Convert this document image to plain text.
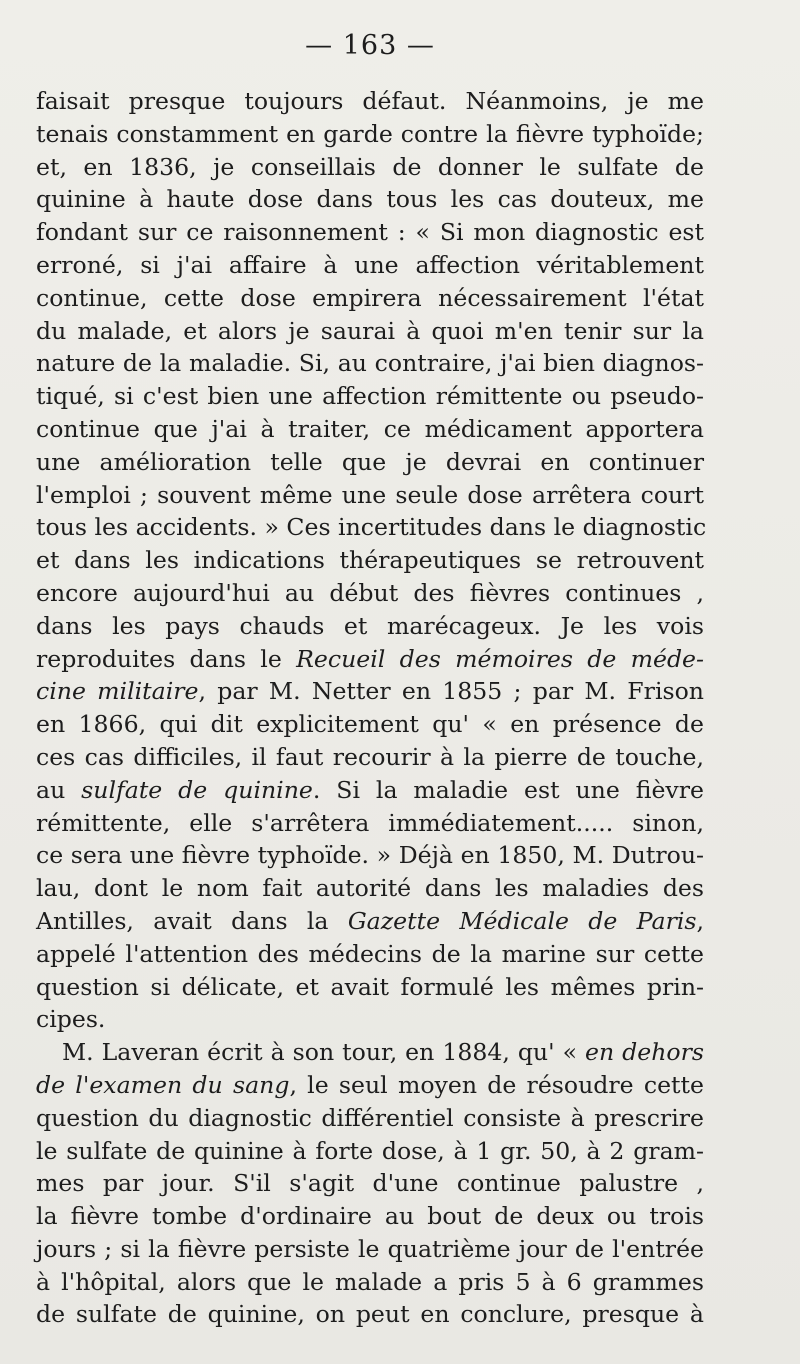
— 163 —
faisait presque toujours défaut. Néanmoins, je me
tenais constamment en garde contre la fièvre typhoïde;
et, en 1836, je conseillais de donner le sulfate de
quinine à haute dose dans tous les cas douteux, me
fondant sur ce raisonnement : « Si mon diagnostic est
erroné, si j'ai affaire à une affection véritablement
continue, cette dose empirera nécessairement l'état
du malade, et alors je saurai à quoi m'en tenir sur la
nature de la maladie. Si, au contraire, j'ai bien diagnos-
tiqué, si c'est bien une affection rémittente ou pseudo-
continue que j'ai à traiter, ce médicament apportera
une amélioration telle que je devrai en continuer
l'emploi ; souvent même une seule dose arrêtera court
tous les accidents. » Ces incertitudes dans le diagnostic
et dans les indications thérapeutiques se retrouvent
encore aujourd'hui au début des fièvres continues ,
dans les pays chauds et marécageux. Je les vois
reproduites dans le Recueil des mémoires de méde-
cine militaire, par M. Netter en 1855 ; par M. Frison
en 1866, qui dit explicitement qu' « en présence de
ces cas difficiles, il faut recourir à la pierre de touche,
au sulfate de quinine. Si la maladie est une fièvre
rémittente, elle s'arrêtera immédiatement..... sinon,
ce sera une fièvre typhoïde. » Déjà en 1850, M. Dutrou-
lau, dont le nom fait autorité dans les maladies des
Antilles, avait dans la Gazette Médicale de Paris,
appelé l'attention des médecins de la marine sur cette
question si délicate, et avait formulé les mêmes prin-
cipes.
M. Laveran écrit à son tour, en 1884, qu' « en dehors
de l'examen du sang, le seul moyen de résoudre cette
question du diagnostic différentiel consiste à prescrire
le sulfate de quinine à forte dose, à 1 gr. 50, à 2 gram-
mes par jour. S'il s'agit d'une continue palustre ,
la fièvre tombe d'ordinaire au bout de deux ou trois
jours ; si la fièvre persiste le quatrième jour de l'entrée
à l'hôpital, alors que le malade a pris 5 à 6 grammes
de sulfate de quinine, on peut en conclure, presque à
